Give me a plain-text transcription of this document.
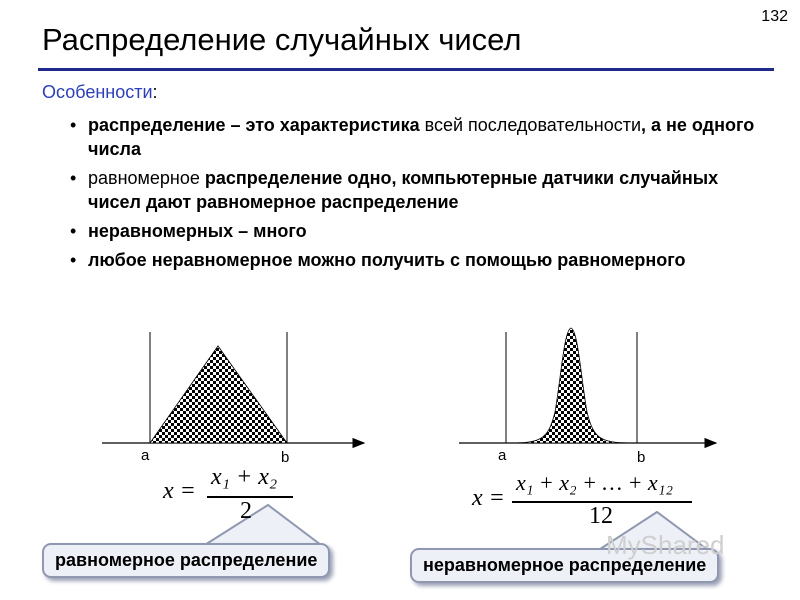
132
Распределение случайных чисел
Особенности:
• распределение – это характеристика всей последовательности, а не одного числа
• равномерное распределение одно, компьютерные датчики случайных чисел дают равномерное распределение
• неравномерных – много
• любое неравномерное можно получить с помощью равномерного
a	b	a	b
x =
x₁ + x₂
2	x =
x₁ + x₂ + … + x₁₂
12
равномерное распределение	неравномерное распределение
MyShared
